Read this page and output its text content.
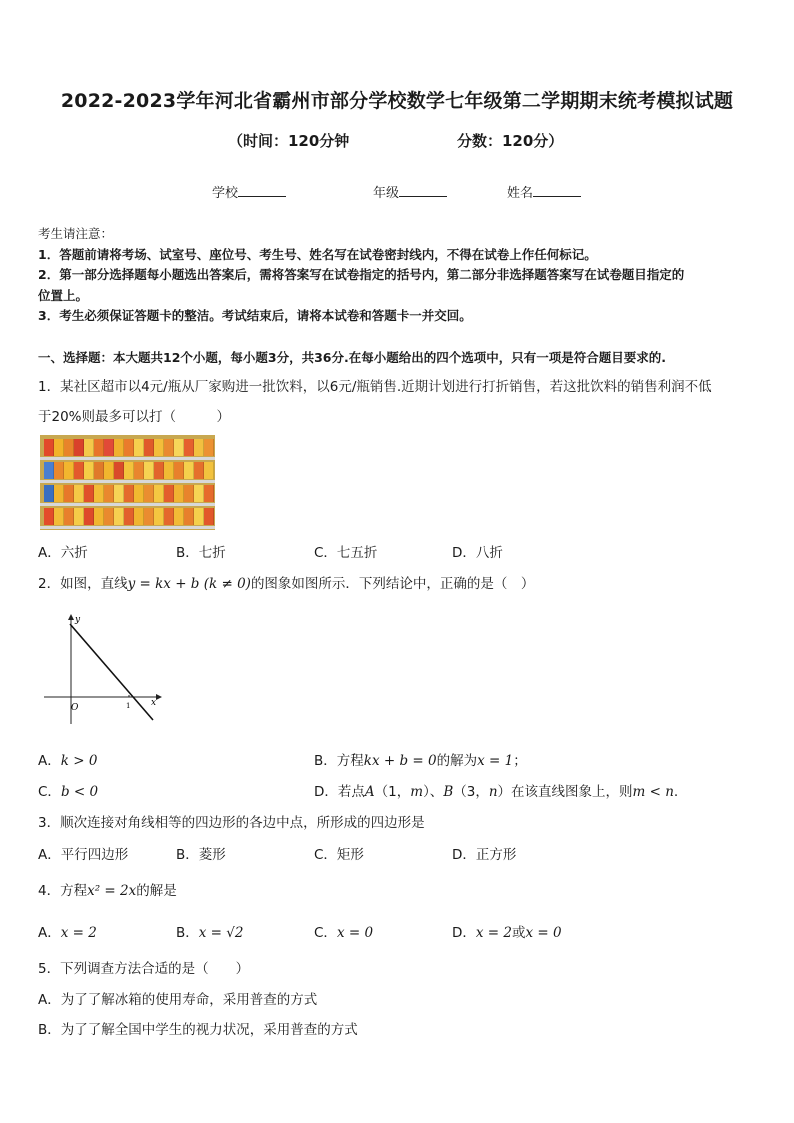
2022-2023学年河北省霸州市部分学校数学七年级第二学期期末统考模拟试题
（时间：120分钟	分数：120分）
学校	年级	姓名
考生请注意：
1．答题前请将考场、试室号、座位号、考生号、姓名写在试卷密封线内，不得在试卷上作任何标记。
2．第一部分选择题每小题选出答案后，需将答案写在试卷指定的括号内，第二部分非选择题答案写在试卷题目指定的
位置上。
3．考生必须保证答题卡的整洁。考试结束后，请将本试卷和答题卡一并交回。
一、选择题：本大题共12个小题，每小题3分，共36分.在每小题给出的四个选项中，只有一项是符合题目要求的.
1．某社区超市以4元/瓶从厂家购进一批饮料，以6元/瓶销售.近期计划进行打折销售，若这批饮料的销售利润不低
于20%则最多可以打（　　　）
A．六折	B．七折	C．七五折	D．八折
2．如图，直线y = kx + b (k ≠ 0)的图象如图所示．下列结论中，正确的是（　）
y
x
O	1
A．k > 0	B．方程kx + b = 0的解为x = 1；
C．b < 0	D．若点A（1，m）、B（3，n）在该直线图象上，则m < n.
3．顺次连接对角线相等的四边形的各边中点，所形成的四边形是
A．平行四边形	B．菱形	C．矩形	D．正方形
4．方程x² = 2x的解是
A．x = 2	B．x = √2	C．x = 0	D．x = 2或x = 0
5．下列调查方法合适的是（　　）
A．为了了解冰箱的使用寿命，采用普查的方式
B．为了了解全国中学生的视力状况，采用普查的方式
